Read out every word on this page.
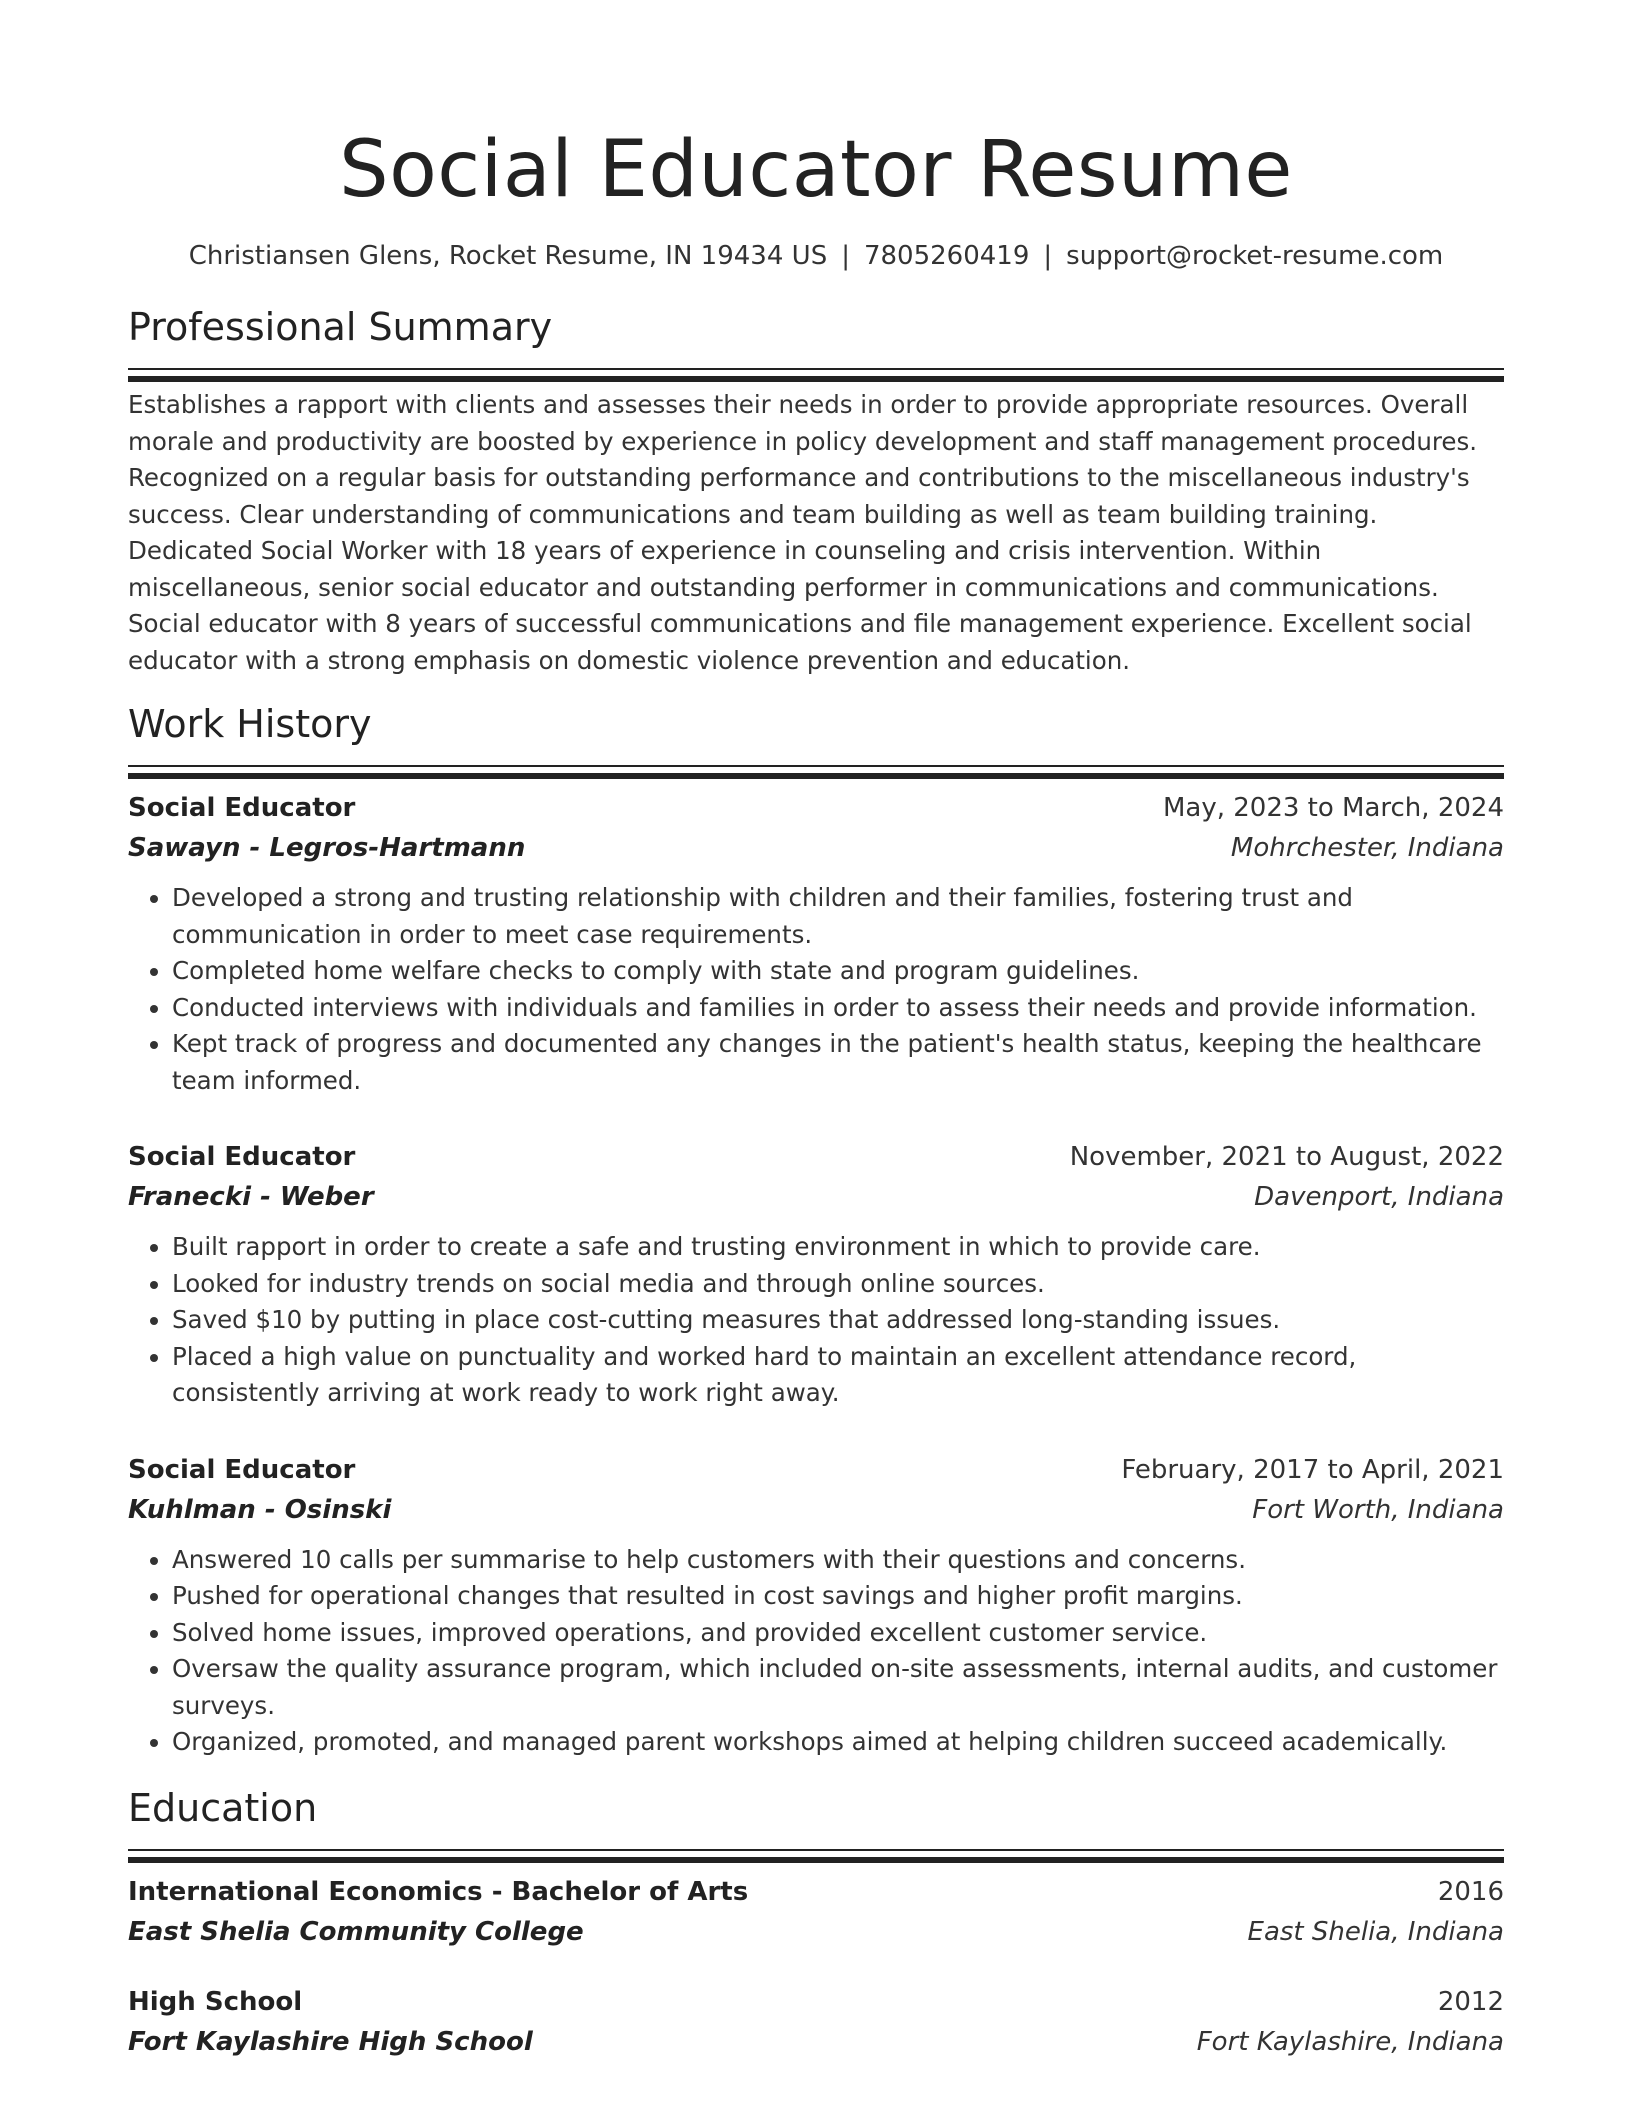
Social Educator Resume
Christiansen Glens, Rocket Resume, IN 19434 US | 7805260419 | support@rocket-resume.com
Professional Summary

Establishes a rapport with clients and assesses their needs in order to provide appropriate resources. Overall morale and productivity are boosted by experience in policy development and staff management procedures. Recognized on a regular basis for outstanding performance and contributions to the miscellaneous industry's success. Clear understanding of communications and team building as well as team building training. Dedicated Social Worker with 18 years of experience in counseling and crisis intervention. Within miscellaneous, senior social educator and outstanding performer in communications and communications. Social educator with 8 years of successful communications and file management experience. Excellent social educator with a strong emphasis on domestic violence prevention and education.

Work History
Social Educator	May, 2023 to March, 2024
Sawayn - Legros-Hartmann	Mohrchester, Indiana
• Developed a strong and trusting relationship with children and their families, fostering trust and communication in order to meet case requirements.
• Completed home welfare checks to comply with state and program guidelines.
• Conducted interviews with individuals and families in order to assess their needs and provide information.
• Kept track of progress and documented any changes in the patient's health status, keeping the healthcare team informed.
Social Educator	November, 2021 to August, 2022
Franecki - Weber	Davenport, Indiana
• Built rapport in order to create a safe and trusting environment in which to provide care.
• Looked for industry trends on social media and through online sources.
• Saved $10 by putting in place cost-cutting measures that addressed long-standing issues.
• Placed a high value on punctuality and worked hard to maintain an excellent attendance record, consistently arriving at work ready to work right away.
Social Educator	February, 2017 to April, 2021
Kuhlman - Osinski	Fort Worth, Indiana
• Answered 10 calls per summarise to help customers with their questions and concerns.
• Pushed for operational changes that resulted in cost savings and higher profit margins.
• Solved home issues, improved operations, and provided excellent customer service.
• Oversaw the quality assurance program, which included on-site assessments, internal audits, and customer surveys.
• Organized, promoted, and managed parent workshops aimed at helping children succeed academically.
Education
International Economics - Bachelor of Arts	2016
East Shelia Community College	East Shelia, Indiana
High School	2012
Fort Kaylashire High School	Fort Kaylashire, Indiana
